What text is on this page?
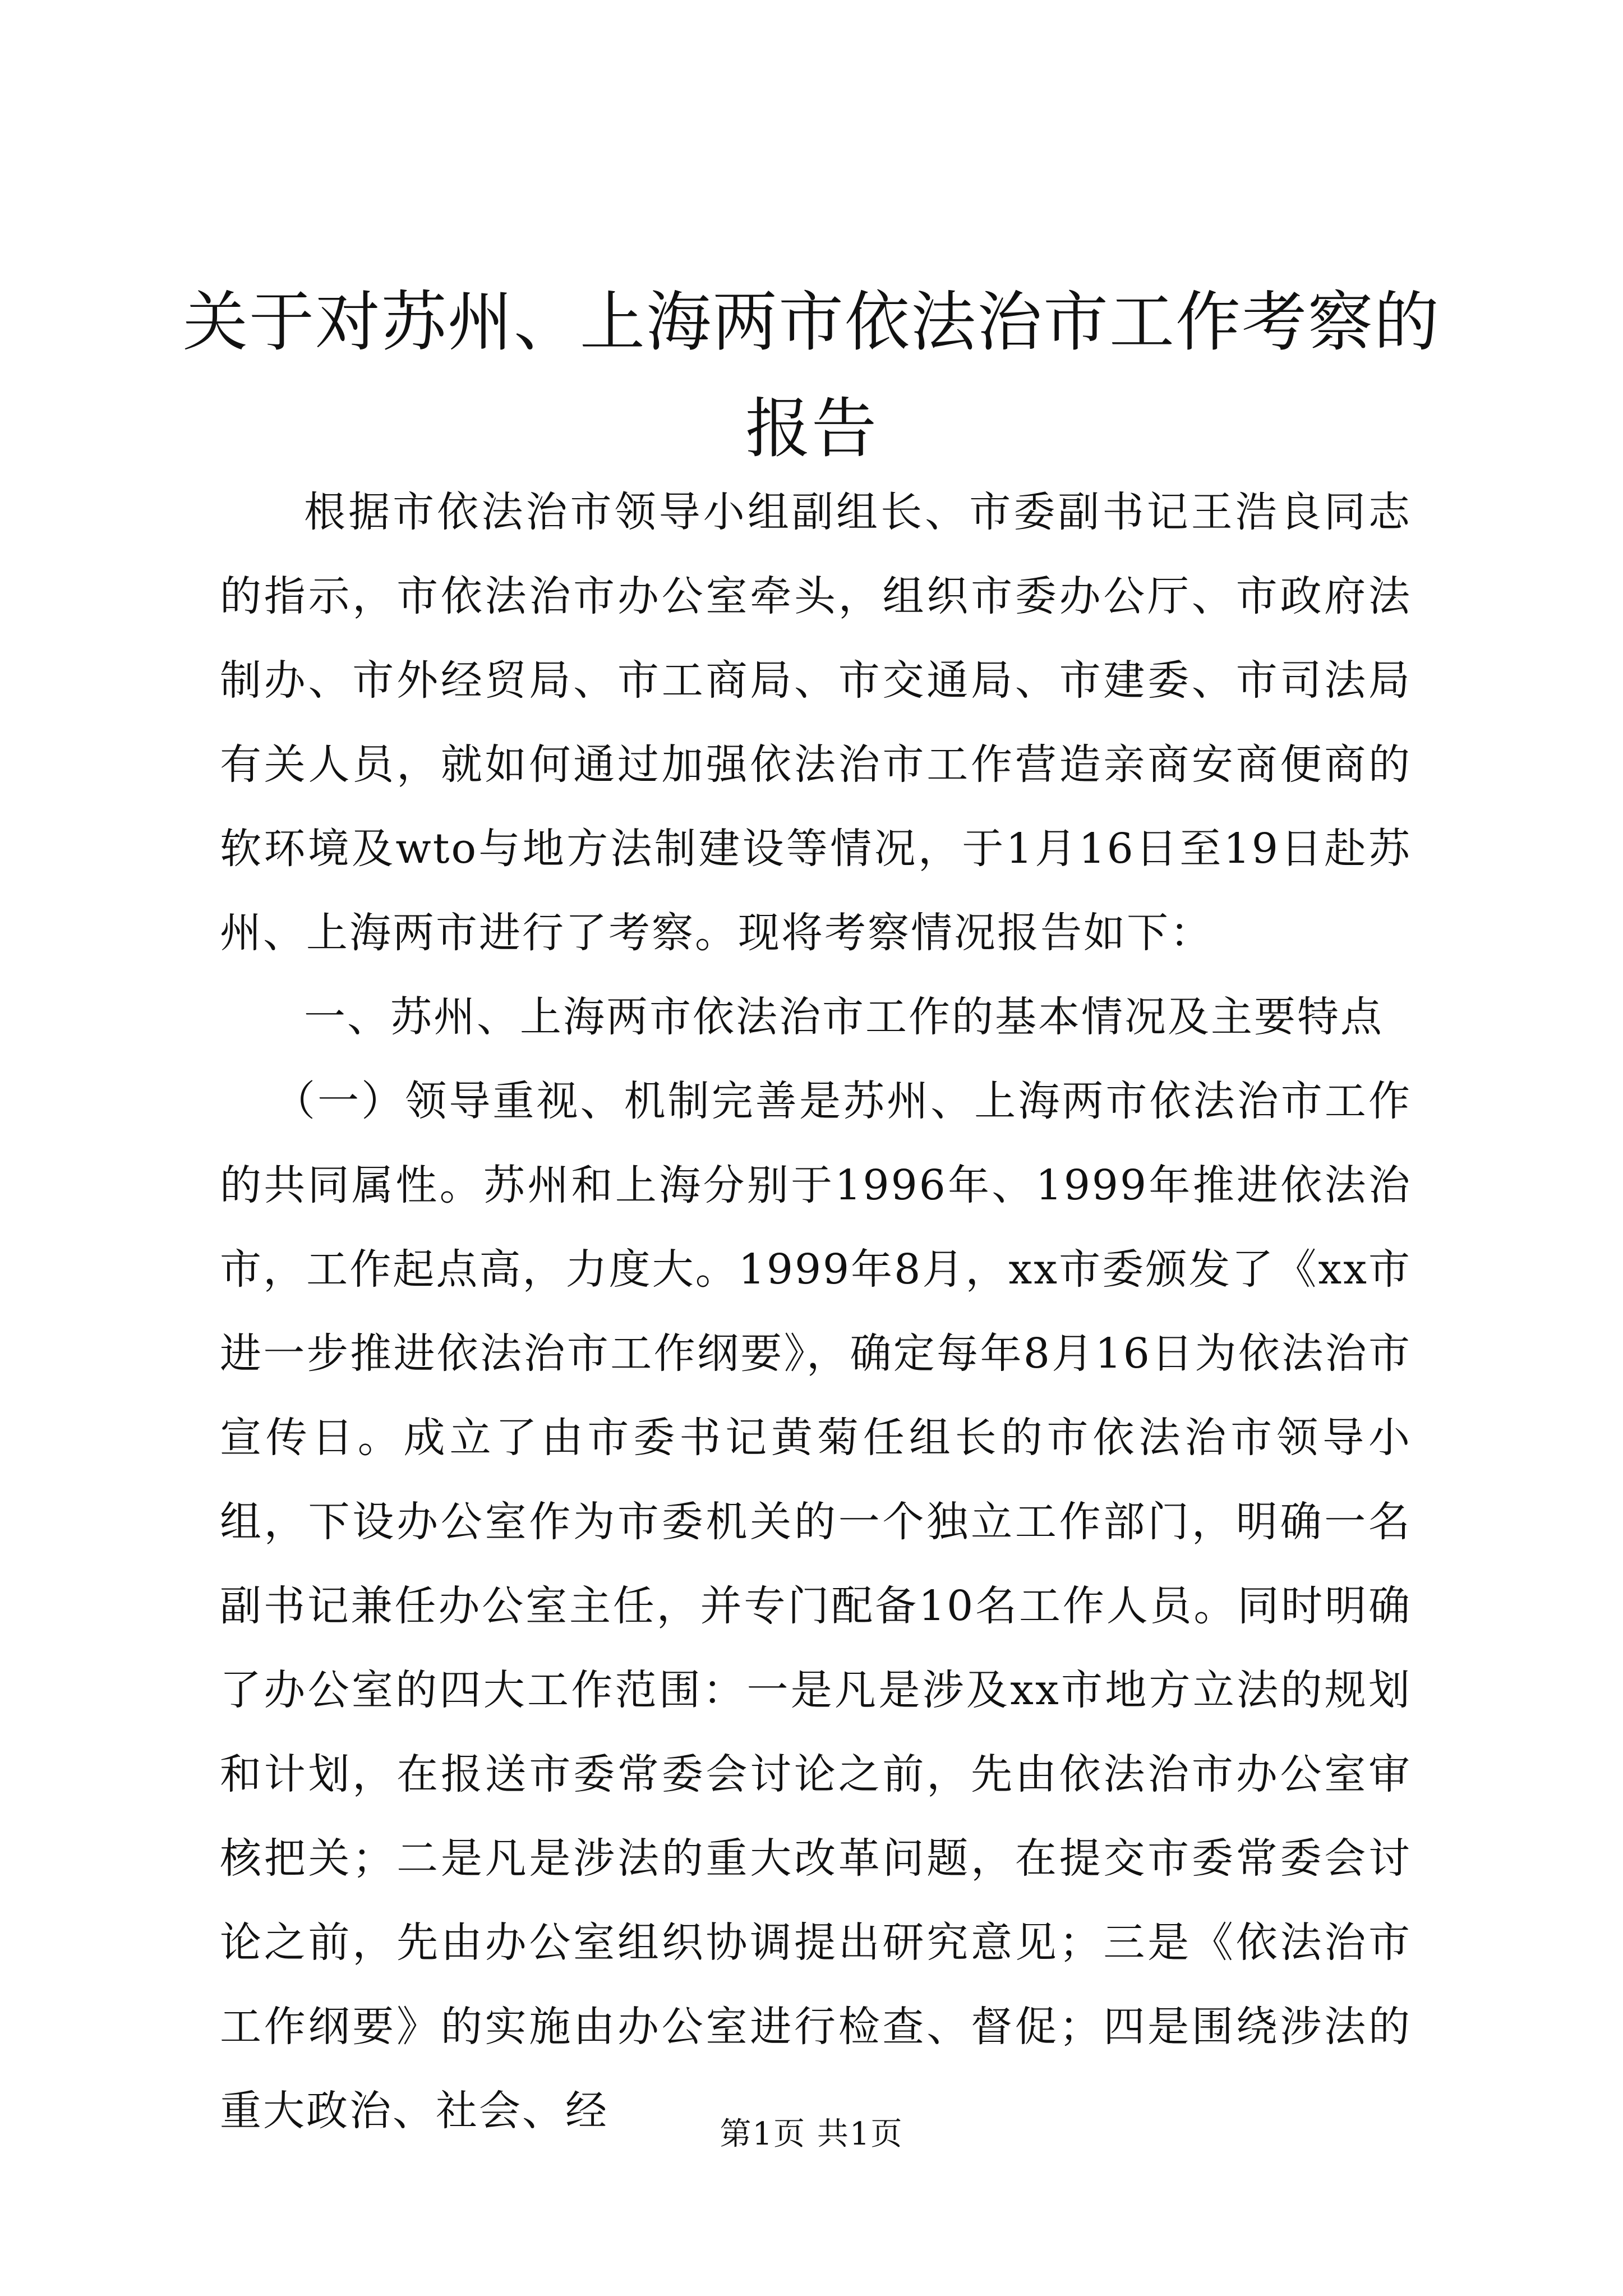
关于对苏州、上海两市依法治市工作考察的报告

根据市依法治市领导小组副组长、市委副书记王浩良同志的指示，市依法治市办公室牵头，组织市委办公厅、市政府法制办、市外经贸局、市工商局、市交通局、市建委、市司法局有关人员，就如何通过加强依法治市工作营造亲商安商便商的软环境及wto与地方法制建设等情况，于1月16日至19日赴苏州、上海两市进行了考察。现将考察情况报告如下：

一、苏州、上海两市依法治市工作的基本情况及主要特点

（一）领导重视、机制完善是苏州、上海两市依法治市工作的共同属性。苏州和上海分别于1996年、1999年推进依法治市，工作起点高，力度大。1999年8月，xx市委颁发了《xx市进一步推进依法治市工作纲要》，确定每年8月16日为依法治市宣传日。成立了由市委书记黄菊任组长的市依法治市领导小组，下设办公室作为市委机关的一个独立工作部门，明确一名副书记兼任办公室主任，并专门配备10名工作人员。同时明确了办公室的四大工作范围：一是凡是涉及xx市地方立法的规划和计划，在报送市委常委会讨论之前，先由依法治市办公室审核把关；二是凡是涉法的重大改革问题，在提交市委常委会讨论之前，先由办公室组织协调提出研究意见；三是《依法治市工作纲要》的实施由办公室进行检查、督促；四是围绕涉法的重大政治、社会、经	第1页 共1页
